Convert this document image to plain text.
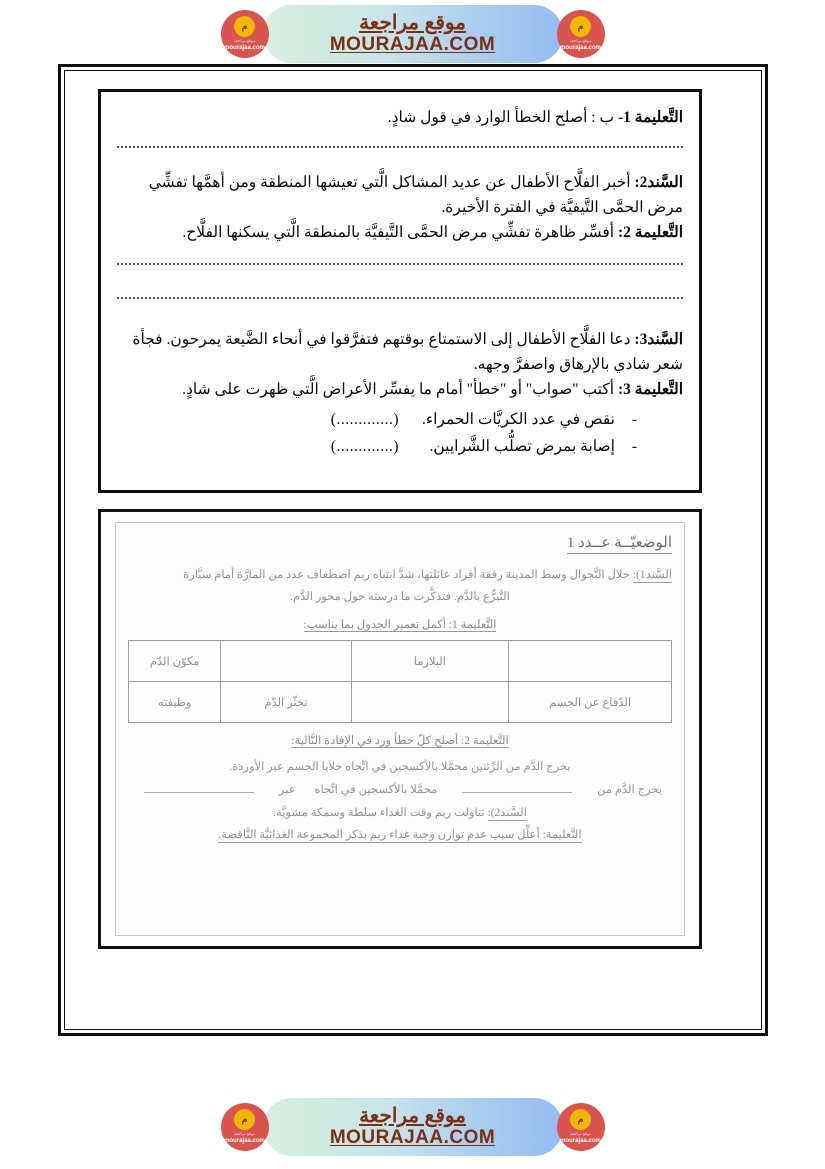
م
موقع مراجعة
mourajaa.com
موقع مراجعة
MOURAJAA.COM
م
موقع مراجعة
mourajaa.com
التَّعليمة 1- ب : أصلح الخطأ الوارد في قول شادٍ.
السَّند2: أخبر الفلَّاح الأطفال عن عديد المشاكل الَّتي تعيشها المنطقة ومن أهمَّها تفشِّي مرض الحمَّى التَّيفيَّة في الفترة الأخيرة.
التَّعليمة 2: أفسِّر ظاهرة تفشِّي مرض الحمَّى التَّيفيَّة بالمنطقة الَّتي يسكنها الفلَّاح.
السَّند3: دعا الفلَّاح الأطفال إلى الاستمتاع بوقتهم فتفرَّقوا في أنحاء الضَّيعة يمرحون. فجأة شعر شادي بالإرهاق واصفرَّ وجهه.
التَّعليمة 3: أكتب "صواب" أو "خطأ" أمام ما يفسِّر الأعراض الَّتي ظهرت على شادٍ.
-
نقص في عدد الكريَّات الحمراء.
(.............)
-
إصابة بمرض تصلُّب الشَّرايين.
(.............)
الوضعيّــة عــدد 1
السَّند1): خلال التَّجوال وسط المدينة رفقة أفراد عائلتها، شدَّ انتباه ريم اصطفاف عدد من المارَّة أمام سيَّارة
التَّبرُّع بالدَّم. فتذكَّرت ما درسته حول محور الدَّم.
التَّعليمة 1: أكمل تعمير الجدول بما يناسب:
	البلازما		مكوّن الدّم
الدّفاع عن الجسم		تخثّر الدّم	وظيفته
التَّعليمة 2: أصلح كلّ خطأ ورد في الإفادة التَّالية:
يخرج الدَّم من الرِّئتين محمَّلا بالأكسجين في اتِّجاه خلايا الجسم عبر الأوردة.
يخرج الدَّم من
محمَّلا بالأكسجين في اتِّجاه
عبر
السَّند2): تناولت ريم وقت الغداء سلطة وسمكة مشويَّة.
التَّعليمة: أعلِّل سبب عدم توازن وجبة غداء ريم بذكر المجموعة الغذائيَّة النَّاقصة.
م
موقع مراجعة
mourajaa.com
موقع مراجعة
MOURAJAA.COM
م
موقع مراجعة
mourajaa.com
